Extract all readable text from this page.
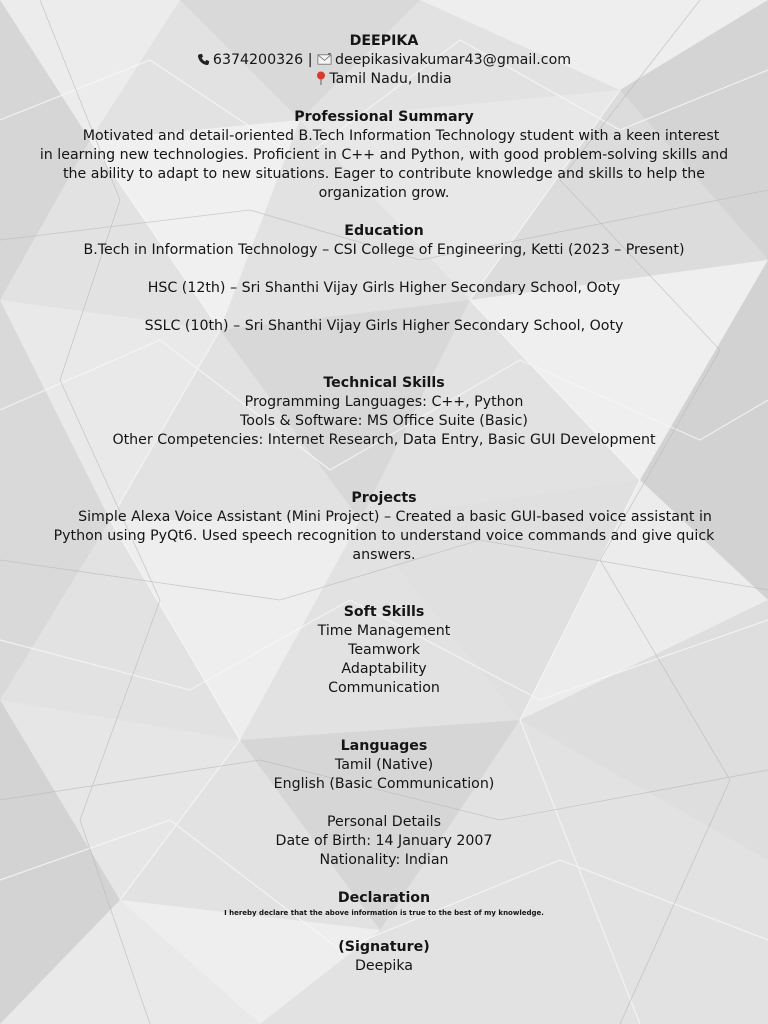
DEEPIKA

6374200326 | deepikasivakumar43@gmail.com

Tamil Nadu, India

Professional Summary

Motivated and detail-oriented B.Tech Information Technology student with a keen interest

in learning new technologies. Proficient in C++ and Python, with good problem-solving skills and

the ability to adapt to new situations. Eager to contribute knowledge and skills to help the

organization grow.

Education

B.Tech in Information Technology – CSI College of Engineering, Ketti (2023 – Present)

HSC (12th) – Sri Shanthi Vijay Girls Higher Secondary School, Ooty

SSLC (10th) – Sri Shanthi Vijay Girls Higher Secondary School, Ooty

Technical Skills

Programming Languages: C++, Python

Tools & Software: MS Office Suite (Basic)

Other Competencies: Internet Research, Data Entry, Basic GUI Development

Projects

Simple Alexa Voice Assistant (Mini Project) – Created a basic GUI-based voice assistant in

Python using PyQt6. Used speech recognition to understand voice commands and give quick

answers.

Soft Skills

Time Management

Teamwork

Adaptability

Communication

Languages

Tamil (Native)

English (Basic Communication)

Personal Details

Date of Birth: 14 January 2007

Nationality: Indian

Declaration

I hereby declare that the above information is true to the best of my knowledge.

(Signature)

Deepika
